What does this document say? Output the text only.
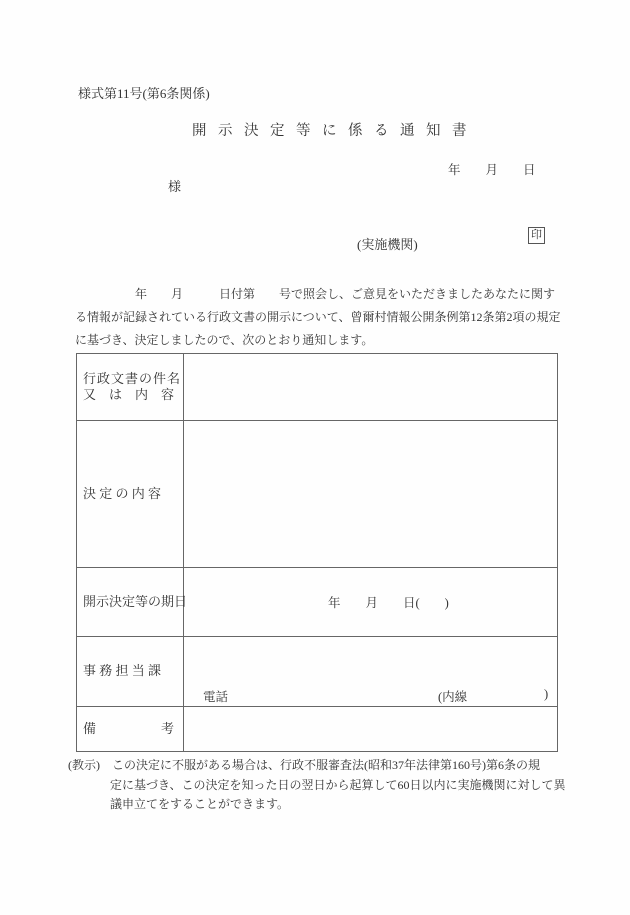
様式第11号(第6条関係)
開示決定等に係る通知書
年　　月　　日
様
(実施機関)
印
　　　　　年　　月　　　日付第　　号で照会し、ご意見をいただきましたあなたに関す
る情報が記録されている行政文書の開示について、曾爾村情報公開条例第12条第2項の規定
に基づき、決定しましたので、次のとおり通知します。
行政文書の件名
又　は　内　容
決 定 の 内 容
開示決定等の期日	年　　月　　日(　　)
事 務 担 当 課
電話	(内線	)
備　　　　　考
(教示)　この決定に不服がある場合は、行政不服審査法(昭和37年法律第160号)第6条の規
定に基づき、この決定を知った日の翌日から起算して60日以内に実施機関に対して異
議申立てをすることができます。
